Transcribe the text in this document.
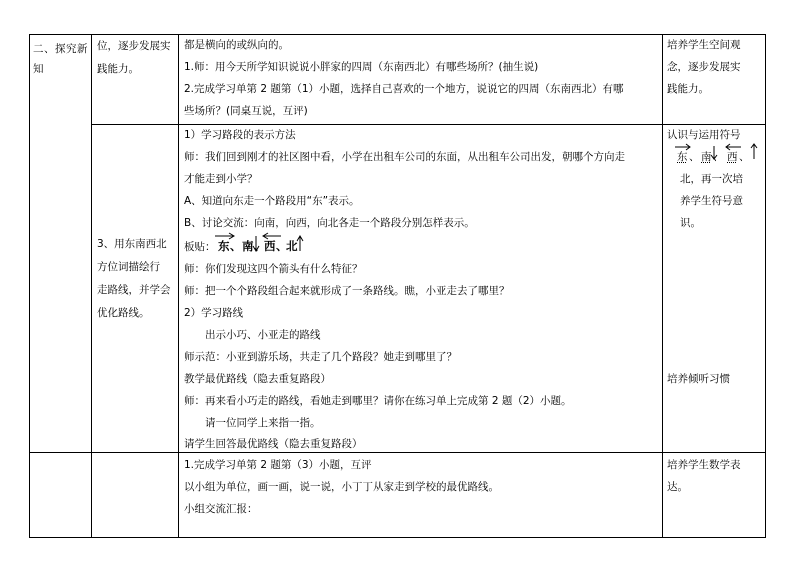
二、探究新知
位，逐步发展实
践能力。
3、用东南西北
方位词描绘行
走路线，并学会
优化路线。
都是横向的或纵向的。
1.师：用今天所学知识说说小胖家的四周（东南西北）有哪些场所？(抽生说)
2.完成学习单第 2 题第（1）小题，选择自己喜欢的一个地方，说说它的四周（东南西北）有哪
些场所？(同桌互说，互评)
1）学习路段的表示方法
师：我们回到刚才的社区图中看，小学在出租车公司的东面，从出租车公司出发，朝哪个方向走
才能走到小学？
A、知道向东走一个路段用“东”表示。
B、讨论交流：向南，向西，向北各走一个路段分别怎样表示。
板贴： 东 、 南 、
西 、
北
师：你们发现这四个箭头有什么特征？
师：把一个个路段组合起来就形成了一条路线。瞧，小亚走去了哪里？
2）学习路线
出示小巧、小亚走的路线
师示范：小亚到游乐场，共走了几个路段？她走到哪里了？
教学最优路线（隐去重复路段）
师：再来看小巧走的路线，看她走到哪里？请你在练习单上完成第 2 题（2）小题。
请一位同学上来指一指。
请学生回答最优路线（隐去重复路段）
1.完成学习单第 2 题第（3）小题，互评
以小组为单位，画一画，说一说，小丁丁从家走到学校的最优路线。
小组交流汇报：
培养学生空间观
念，逐步发展实
践能力。
认识与运用符号
东 、 南 、 西 、
北，再一次培
养学生符号意
识。
培养倾听习惯
培养学生数学表
达。
